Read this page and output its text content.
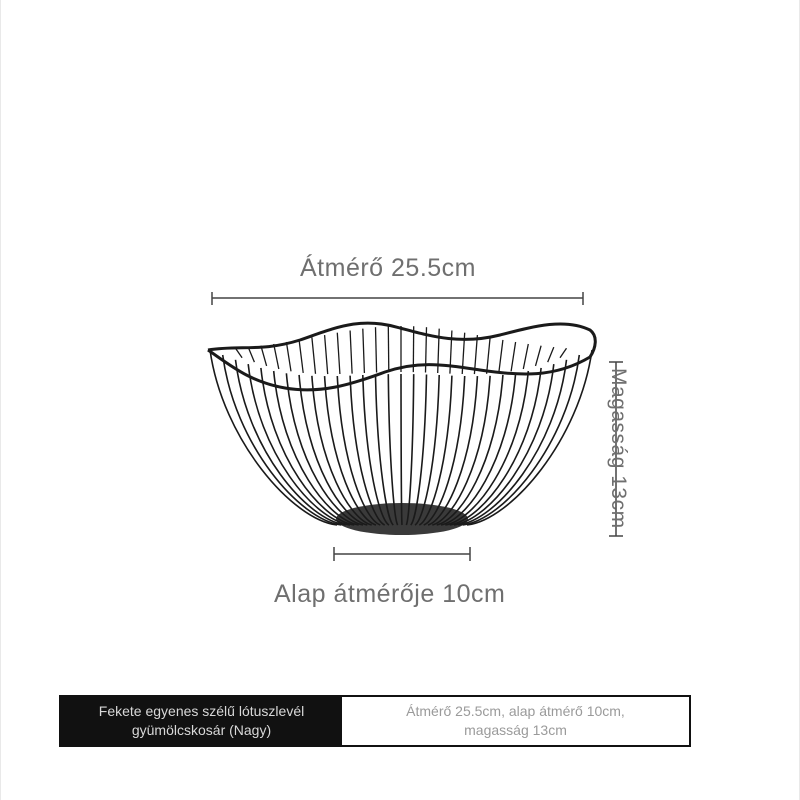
Átmérő 25.5cm
Magasság 13cm
Alap átmérője 10cm
Fekete egyenes szélű lótuszlevél gyümölcskosár (Nagy)
Átmérő 25.5cm, alap átmérő 10cm, magasság 13cm
